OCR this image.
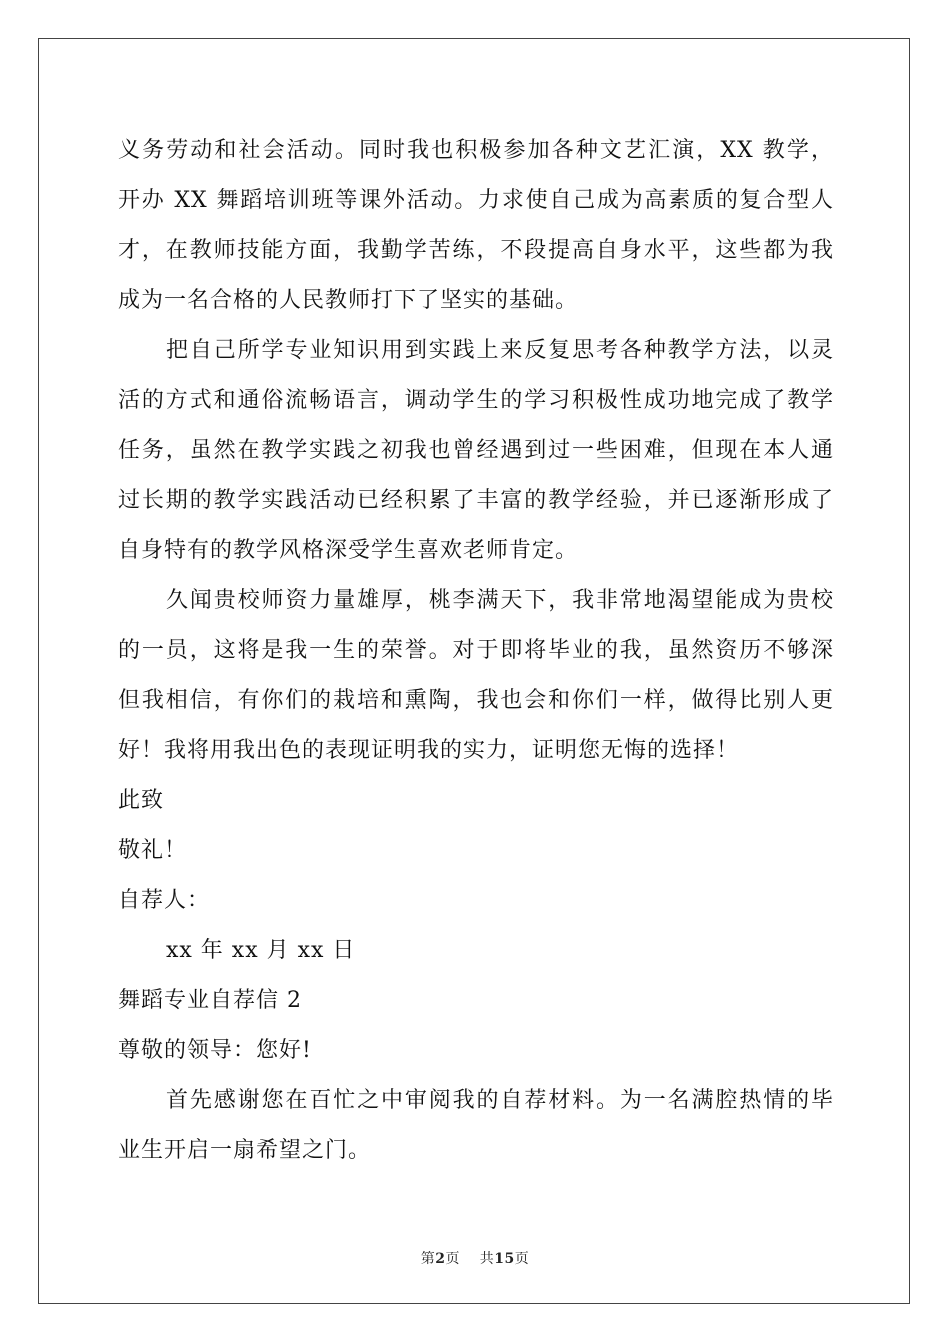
义务劳动和社会活动。同时我也积极参加各种文艺汇演，XX 教学，
开办 XX 舞蹈培训班等课外活动。力求使自己成为高素质的复合型人
才，在教师技能方面，我勤学苦练，不段提高自身水平，这些都为我
成为一名合格的人民教师打下了坚实的基础。
把自己所学专业知识用到实践上来反复思考各种教学方法，以灵
活的方式和通俗流畅语言，调动学生的学习积极性成功地完成了教学
任务，虽然在教学实践之初我也曾经遇到过一些困难，但现在本人通
过长期的教学实践活动已经积累了丰富的教学经验，并已逐渐形成了
自身特有的教学风格深受学生喜欢老师肯定。
久闻贵校师资力量雄厚，桃李满天下，我非常地渴望能成为贵校
的一员，这将是我一生的荣誉。对于即将毕业的我，虽然资历不够深
但我相信，有你们的栽培和熏陶，我也会和你们一样，做得比别人更
好！我将用我出色的表现证明我的实力，证明您无悔的选择！
此致
敬礼！
自荐人：
xx 年 xx 月 xx 日
舞蹈专业自荐信 2
尊敬的领导：您好!
首先感谢您在百忙之中审阅我的自荐材料。为一名满腔热情的毕
业生开启一扇希望之门。
第2页 共15页
